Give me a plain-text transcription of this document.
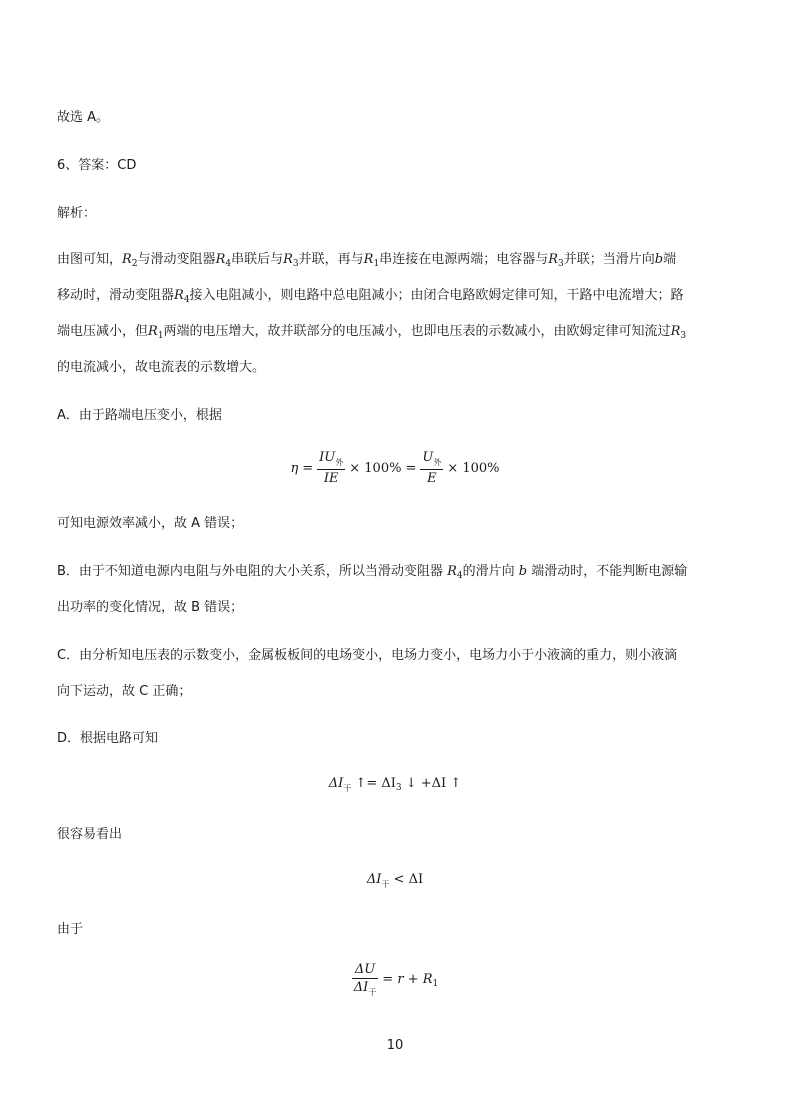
故选 A。
6、答案：CD
解析：
由图可知，$R_2$与滑动变阻器$R_4$串联后与$R_3$并联，再与$R_1$串连接在电源两端；电容器与$R_3$并联；当滑片向b端
移动时，滑动变阻器$R_4$接入电阻减小，则电路中总电阻减小；由闭合电路欧姆定律可知，干路中电流增大；路
端电压减小，但$R_1$两端的电压增大，故并联部分的电压减小，也即电压表的示数减小，由欧姆定律可知流过$R_3$
的电流减小，故电流表的示数增大。
A．由于路端电压变小，根据
$\eta = \frac{IU_外}{IE} \times 100\% = \frac{U_外}{E} \times 100\%$
可知电源效率减小，故 A 错误；
B．由于不知道电源内电阻与外电阻的大小关系，所以当滑动变阻器 $R_4$的滑片向 b 端滑动时，不能判断电源输
出功率的变化情况，故 B 错误；
C．由分析知电压表的示数变小，金属板板间的电场变小，电场力变小，电场力小于小液滴的重力，则小液滴
向下运动，故 C 正确；
D．根据电路可知
$\Delta I_干$ ↑= $\Delta I_3$ ↓ +ΔI ↑
很容易看出
$\Delta I_干 < \Delta I$
由于
$\frac{\Delta U}{\Delta I_干} = r + R_1$
10
